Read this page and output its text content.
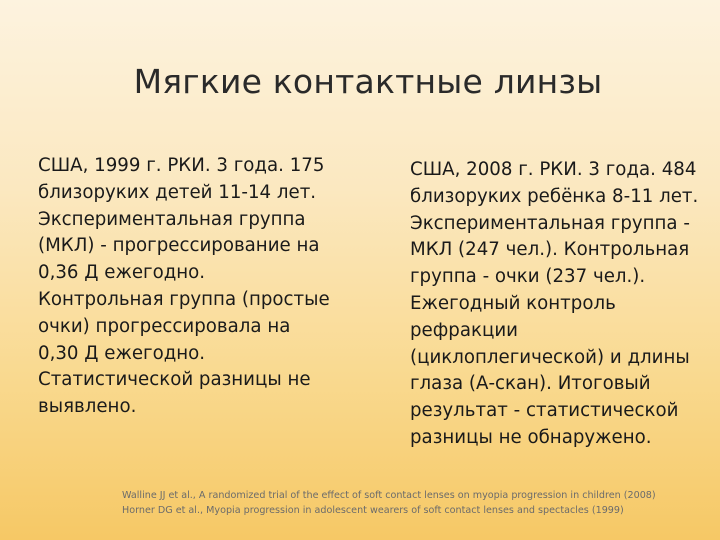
Мягкие контактные линзы
США, 1999 г. РКИ. 3 года. 175
близоруких детей 11-14 лет.
Экспериментальная группа
(МКЛ) - прогрессирование на
0,36 Д ежегодно.
Контрольная группа (простые
очки) прогрессировала на
0,30 Д ежегодно.
Статистической разницы не
выявлено.
США, 2008 г. РКИ. 3 года. 484
близоруких ребёнка 8-11 лет.
Экспериментальная группа -
МКЛ (247 чел.). Контрольная
группа - очки (237 чел.).
Ежегодный контроль
рефракции
(циклоплегической) и длины
глаза (А-скан). Итоговый
результат - статистической
разницы не обнаружено.
Walline JJ et al., A randomized trial of the effect of soft contact lenses on myopia progression in children (2008)
Horner DG et al., Myopia progression in adolescent wearers of soft contact lenses and spectacles (1999)
